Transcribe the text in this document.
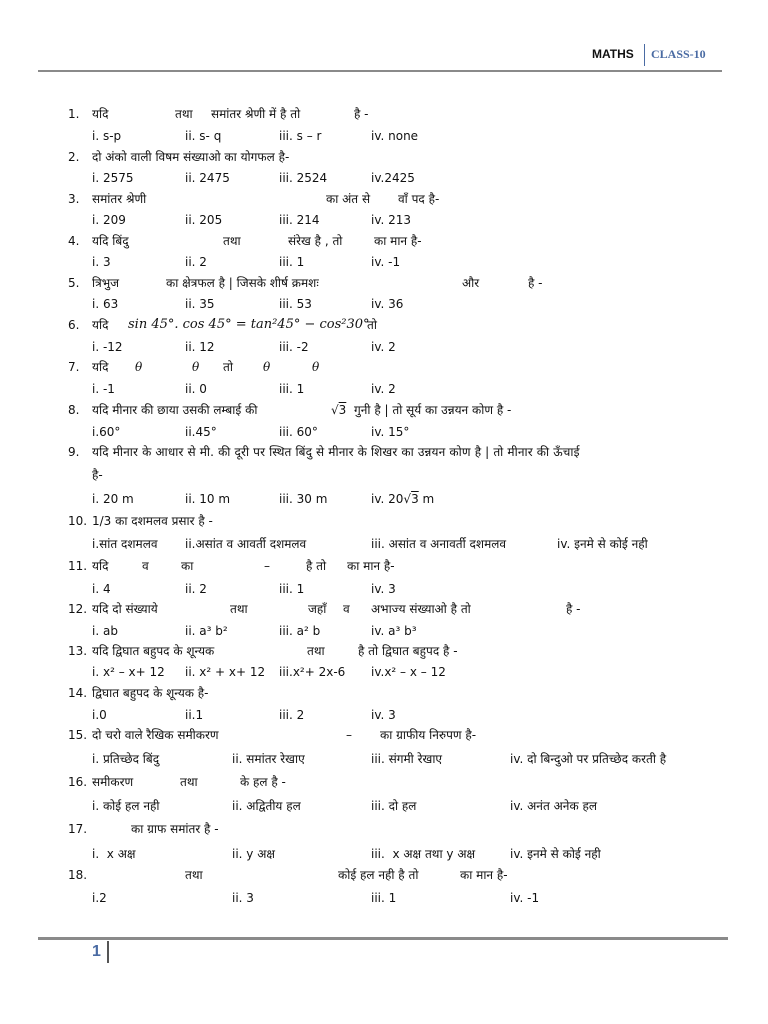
MATHS CLASS-10
1. यदि	तथा समांतर श्रेणी में है तो	है -
i. s-p	ii. s- q	iii. s – r	iv. none
2. दो अंको वाली विषम संख्याओ का योगफल है-
i. 2575	ii. 2475	iii. 2524	iv.2425
3. समांतर श्रेणी	का अंत से वाँ पद है-
i. 209	ii. 205	iii. 214	iv. 213
4. यदि बिंदु	तथा	संरेख है , तो	का मान है-
i. 3	ii. 2	iii. 1	iv. -1
5. त्रिभुज	का क्षेत्रफल है | जिसके शीर्ष क्रमशः	और	है -
i. 63	ii. 35	iii. 53	iv. 36
6. यदि sin 45°. cos 45° = tan²45° − cos²30°
तो
i. -12	ii. 12	iii. -2	iv. 2
7. यदि θ	θ तो	θ	θ
i. -1	ii. 0	iii. 1	iv. 2
8. यदि मीनार की छाया उसकी लम्बाई की	√3 गुनी है | तो सूर्य का उन्नयन कोण है -
i.60°	ii.45°	iii. 60°	iv. 15°
9. यदि मीनार के आधार से मी. की दूरी पर स्थित बिंदु से मीनार के शिखर का उन्नयन कोण है | तो मीनार की ऊँचाई
है-
i. 20 m	ii. 10 m	iii. 30 m	iv. 20√3 m
10. 1/3 का दशमलव प्रसार है -
i.सांत दशमलव ii.असांत व आवर्ती दशमलव	iii. असांत व अनावर्ती दशमलव	iv. इनमे से कोई नही
11. यदि	व	का	–	है तो का मान है-
i. 4	ii. 2	iii. 1	iv. 3
12. यदि दो संख्याये	तथा	जहाँ व अभाज्य संख्याओ है तो	है -
i. ab	ii. a³ b²	iii. a² b	iv. a³ b³
13. यदि द्विघात बहुपद के शून्यक	तथा	है तो द्विघात बहुपद है -
i. x² – x+ 12 ii. x² + x+ 12 iii.x²+ 2x-6 iv.x² – x – 12
14. द्विघात बहुपद के शून्यक है-
i.0	ii.1	iii. 2	iv. 3
15. दो चरो वाले रैखिक समीकरण	– का ग्राफीय निरुपण है-
i. प्रतिच्छेद बिंदु	ii. समांतर रेखाए	iii. संगमी रेखाए	iv. दो बिन्दुओ पर प्रतिच्छेद करती है
16. समीकरण	तथा	के हल है -
i. कोई हल नही	ii. अद्वितीय हल	iii. दो हल	iv. अनंत अनेक हल
17.	का ग्राफ समांतर है -
i. x अक्ष	ii. y अक्ष	iii. x अक्ष तथा y अक्ष	iv. इनमे से कोई नही
18.	तथा	कोई हल नही है तो	का मान है-
i.2	ii. 3	iii. 1	iv. -1
1
